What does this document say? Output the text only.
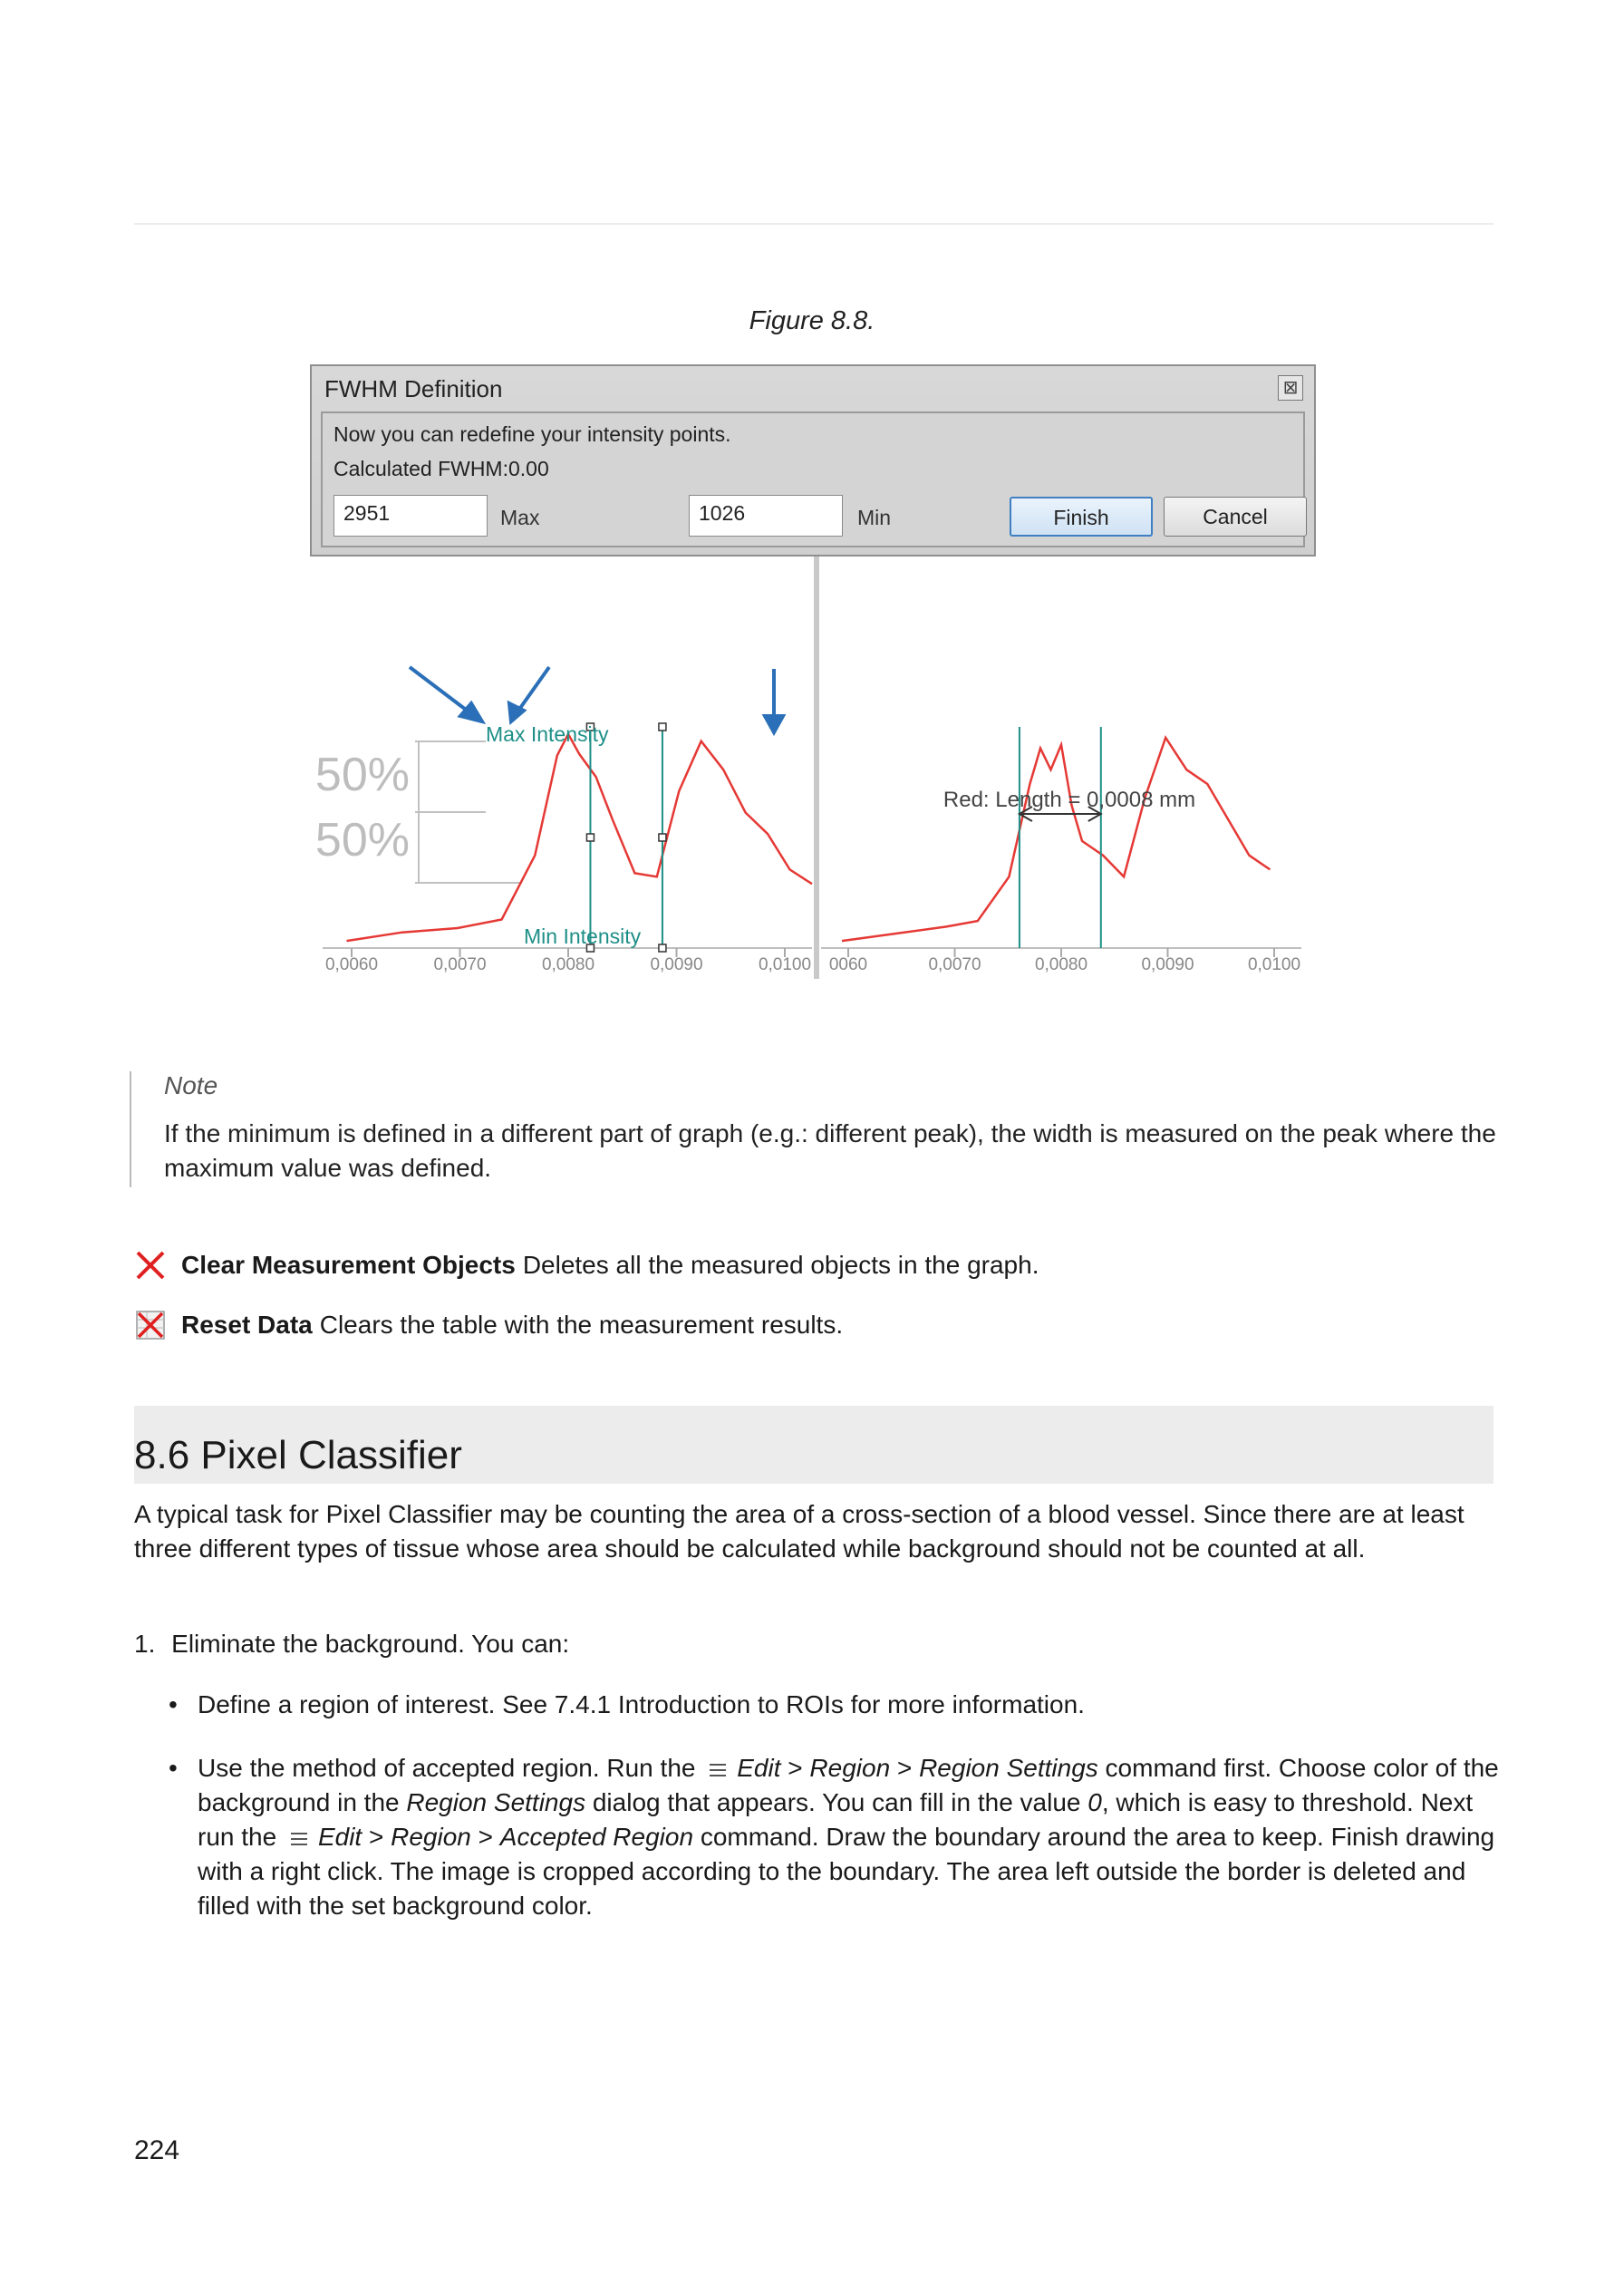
Figure 8.8.
0,0060	0,0070	0,0080	0,0090	0,0100 0060	0,0070	0,0080	0,0090	0,0100
50%
50%
Max Intensity
Min Intensity
Red: Length = 0,0008 mm
FWHM Definition	⊠
Now you can redefine your intensity points.
Calculated FWHM:0.00
2951	Max	1026	Min	Finish	Cancel
Note
If the minimum is defined in a different part of graph (e.g.: different peak), the width is measured on the peak where the maximum value was defined.
Clear Measurement Objects Deletes all the measured objects in the graph.
Reset Data Clears the table with the measurement results.
8.6 Pixel Classifier
A typical task for Pixel Classifier may be counting the area of a cross-section of a blood vessel. Since there are at least three different types of tissue whose area should be calculated while background should not be counted at all.
1. Eliminate the background. You can:
• Define a region of interest. See 7.4.1 Introduction to ROIs for more information.
• Use the method of accepted region. Run the Edit > Region > Region Settings command first. Choose color of the background in the Region Settings dialog that appears. You can fill in the value 0, which is easy to threshold. Next run the Edit > Region > Accepted Region command. Draw the boundary around the area to keep. Finish drawing with a right click. The image is cropped according to the boundary. The area left outside the border is deleted and filled with the set background color.
224
